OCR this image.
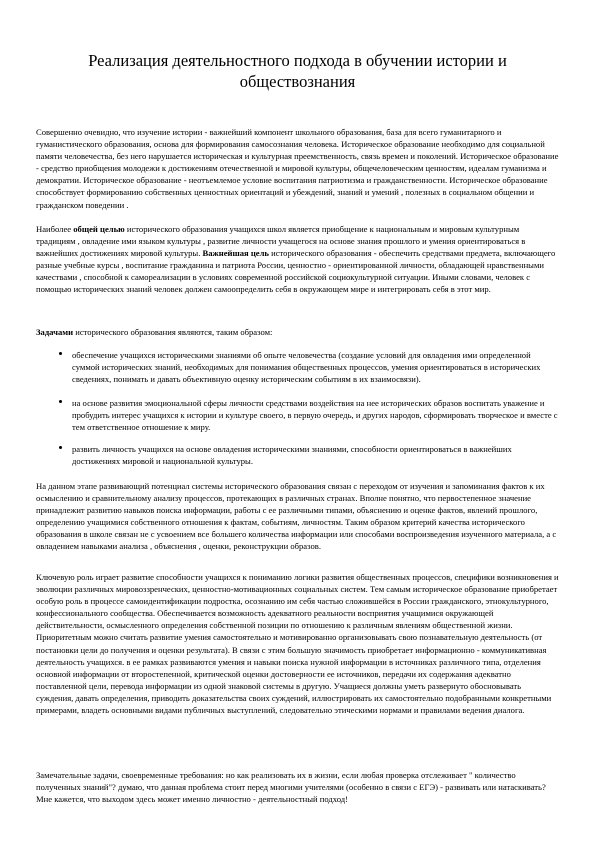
Реализация деятельностного подхода в обучении истории и обществознания
Совершенно очевидно, что изучение истории - важнейший компонент школьного образования, база для всего гуманитарного и гуманистического образования, основа для формирования самосознания человека. Историческое образование необходимо для социальной памяти человечества, без него нарушается историческая и культурная преемственность, связь времен и поколений. Историческое образование - средство приобщения молодежи к достижениям отечественной и мировой культуры, общечеловеческим ценностям, идеалам гуманизма и демократии. Историческое образование - неотъемлемое условие воспитания патриотизма и гражданственности. Историческое образование способствует формированию собственных ценностных ориентаций и убеждений, знаний и умений , полезных в социальном общении и гражданском поведении .
Наиболее общей целью исторического образования учащихся школ является приобщение к национальным и мировым культурным традициям , овладение ими языком культуры , развитие личности учащегося на основе знания прошлого и умения ориентироваться в важнейших достижениях мировой культуры. Важнейшая цель исторического образования - обеспечить средствами предмета, включающего разные учебные курсы , воспитание гражданина и патриота России, ценностно - ориентированной личности, обладающей нравственными качествами , способной к самореализации в условиях современной российской социокультурной ситуации. Иными словами, человек с помощью исторических знаний человек должен самоопределить себя в окружающем мире и интегрировать себя в этот мир.
Задачами исторического образования являются, таким образом:
обеспечение учащихся историческими знаниями об опыте человечества (создание условий для овладения ими определенной суммой исторических знаний, необходимых для понимания общественных процессов, умения ориентироваться в исторических сведениях, понимать и давать объективную оценку историческим событиям в их взаимосвязи).
на основе развития эмоциональной сферы личности средствами воздействия на нее исторических образов воспитать уважение и пробудить интерес учащихся к истории и культуре своего, в первую очередь, и других народов, сформировать творческое и вместе с тем ответственное отношение к миру.
развить личность учащихся на основе овладения историческими знаниями, способности ориентироваться в важнейших достижениях мировой и национальной культуры.
На данном этапе развивающий потенциал системы исторического образования связан с переходом от изучения и запоминания фактов к их осмыслению и сравнительному анализу процессов, протекающих в различных странах. Вполне понятно, что первостепенное значение принадлежит развитию навыков поиска информации, работы с ее различными типами, объяснению и оценке фактов, явлений прошлого, определению учащимися собственного отношения к фактам, событиям, личностям. Таким образом критерий качества исторического образования в школе связан не с усвоением все большего количества информации или способами воспроизведения изученного материала, а с овладением навыками анализа , объяснения , оценки, реконструкции образов.
Ключевую роль играет развитие способности учащихся к пониманию логики развития общественных процессов, специфики возникновения и эволюции различных мировоззренческих, ценностно-мотивационных социальных систем. Тем самым историческое образование приобретает особую роль в процессе самоидентификации подростка, осознанию им себя частью сложившейся в России гражданского, этнокультурного, конфессионального сообщества. Обеспечивается возможность адекватного реальности восприятия учащимися окружающей действительности, осмысленного определения собственной позиции по отношению к различным явлениям общественной жизни. Приоритетным можно считать развитие умения самостоятельно и мотивированно организовывать свою познавательную деятельность (от постановки цели до получения и оценки результата). В связи с этим большую значимость приобретает информационно - коммуникативная деятельность учащихся. в ее рамках развиваются умения и навыки поиска нужной информации в источниках различного типа, отделения основной информации от второстепенной, критической оценки достоверности ее источников, передачи их содержания адекватно поставленной цели, перевода информации из одной знаковой системы в другую. Учащиеся должны уметь развернуто обосновывать суждения, давать определения, приводить доказательства своих суждений, иллюстрировать их самостоятельно подобранными конкретными примерами, владеть основными видами публичных выступлений, следовательно этическими нормами и правилами ведения диалога.
Замечательные задачи, своевременные требования: но как реализовать их в жизни, если любая проверка отслеживает " количество полученных знаний"? думаю, что данная проблема стоит перед многими учителями (особенно в связи с ЕГЭ) - развивать или натаскивать? Мне кажется, что выходом здесь может именно личностно - деятельностный подход!
